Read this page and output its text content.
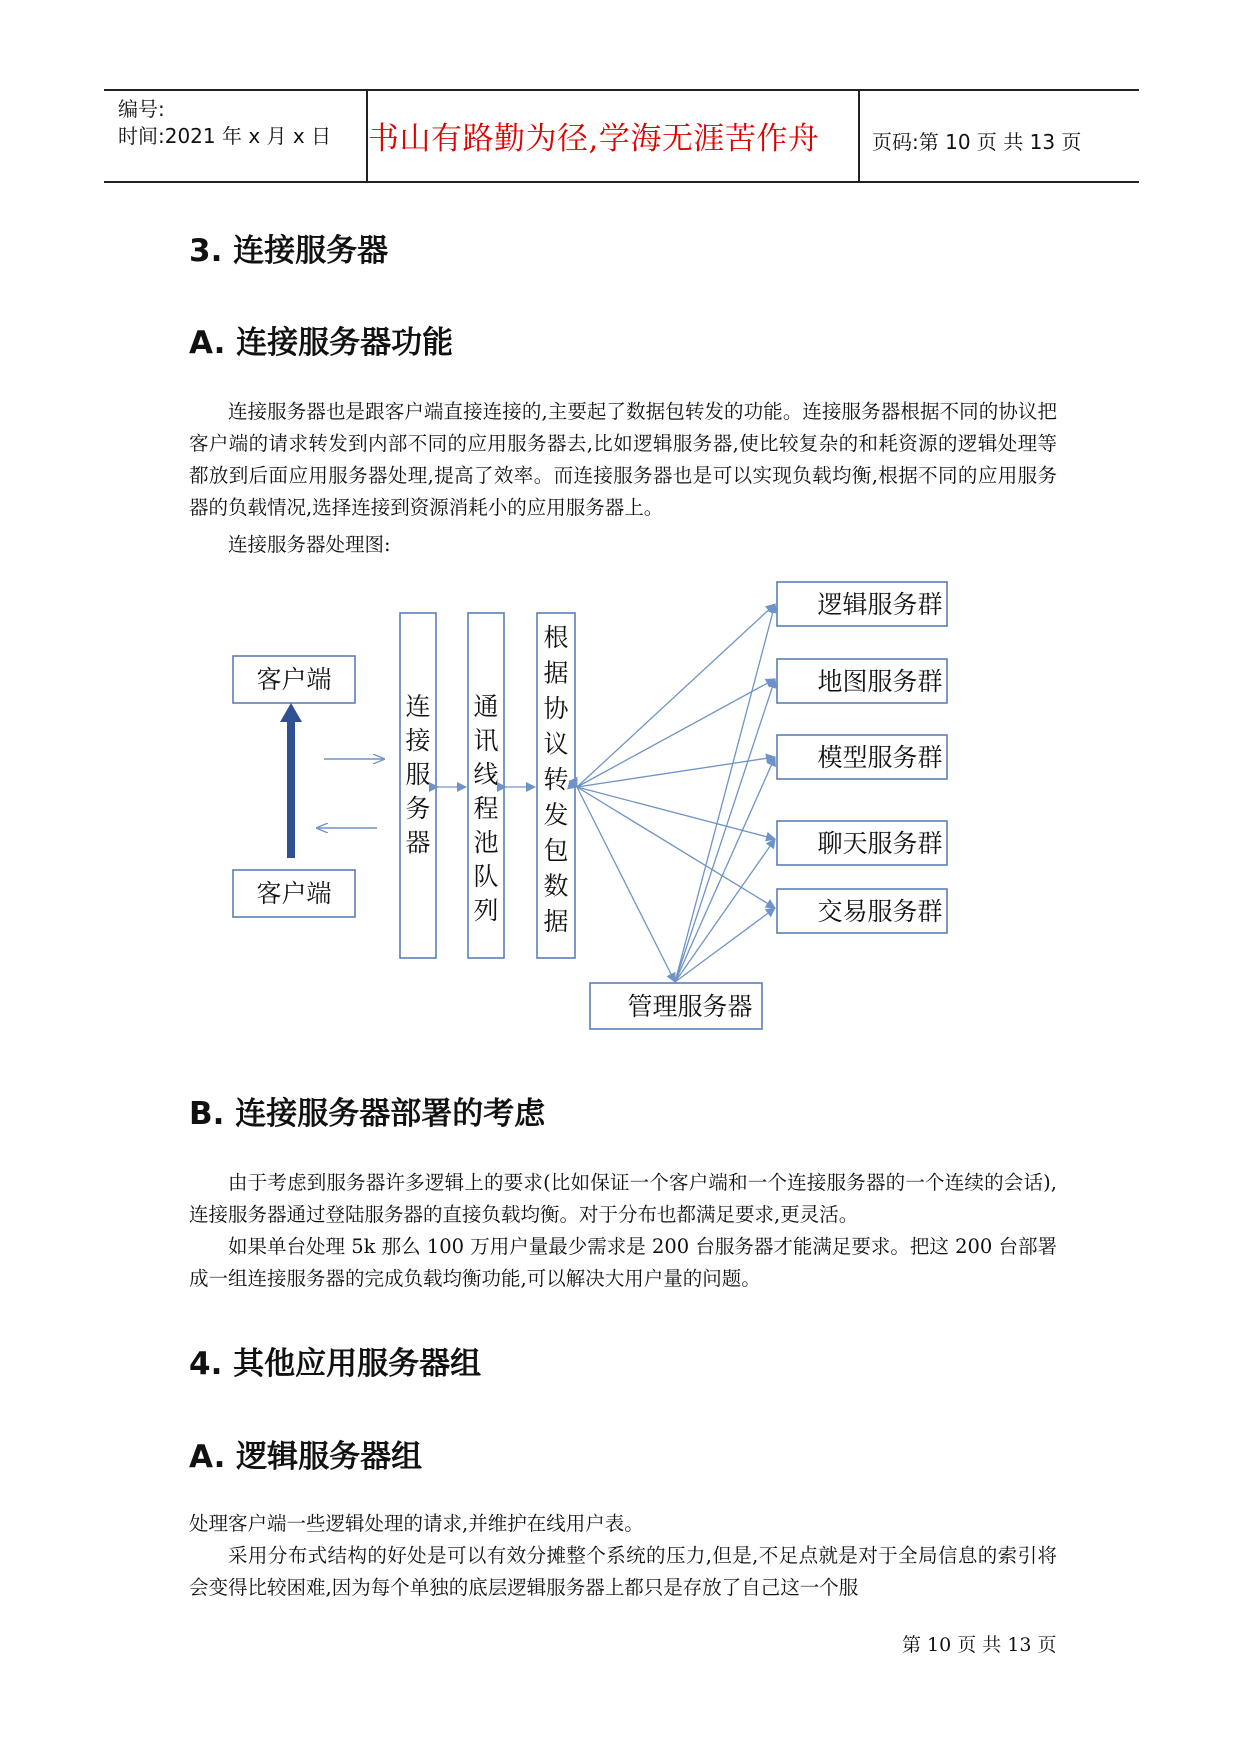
编号:
时间:2021 年 x 月 x 日 书山有路勤为径,学海无涯苦作舟	页码:第 10 页 共 13 页
3. 连接服务器
A. 连接服务器功能
连接服务器也是跟客户端直接连接的,主要起了数据包转发的功能。连接服务器根据不同的协议把客户端的请求转发到内部不同的应用服务器去,比如逻辑服务器,使比较复杂的和耗资源的逻辑处理等都放到后面应用服务器处理,提高了效率。而连接服务器也是可以实现负载均衡,根据不同的应用服务器的负载情况,选择连接到资源消耗小的应用服务器上。
连接服务器处理图:
客户端
客户端
连
接
服
务
器
通
讯
线
程
池
队
列
根
据
协
议
转
发
包
数
据
逻辑服务群
地图服务群
模型服务群
聊天服务群
交易服务群
管理服务器
B. 连接服务器部署的考虑
由于考虑到服务器许多逻辑上的要求(比如保证一个客户端和一个连接服务器的一个连续的会话),连接服务器通过登陆服务器的直接负载均衡。对于分布也都满足要求,更灵活。
如果单台处理 5k 那么 100 万用户量最少需求是 200 台服务器才能满足要求。把这 200 台部署成一组连接服务器的完成负载均衡功能,可以解决大用户量的问题。
4. 其他应用服务器组
A. 逻辑服务器组
处理客户端一些逻辑处理的请求,并维护在线用户表。
采用分布式结构的好处是可以有效分摊整个系统的压力,但是,不足点就是对于全局信息的索引将会变得比较困难,因为每个单独的底层逻辑服务器上都只是存放了自己这一个服
第 10 页 共 13 页
